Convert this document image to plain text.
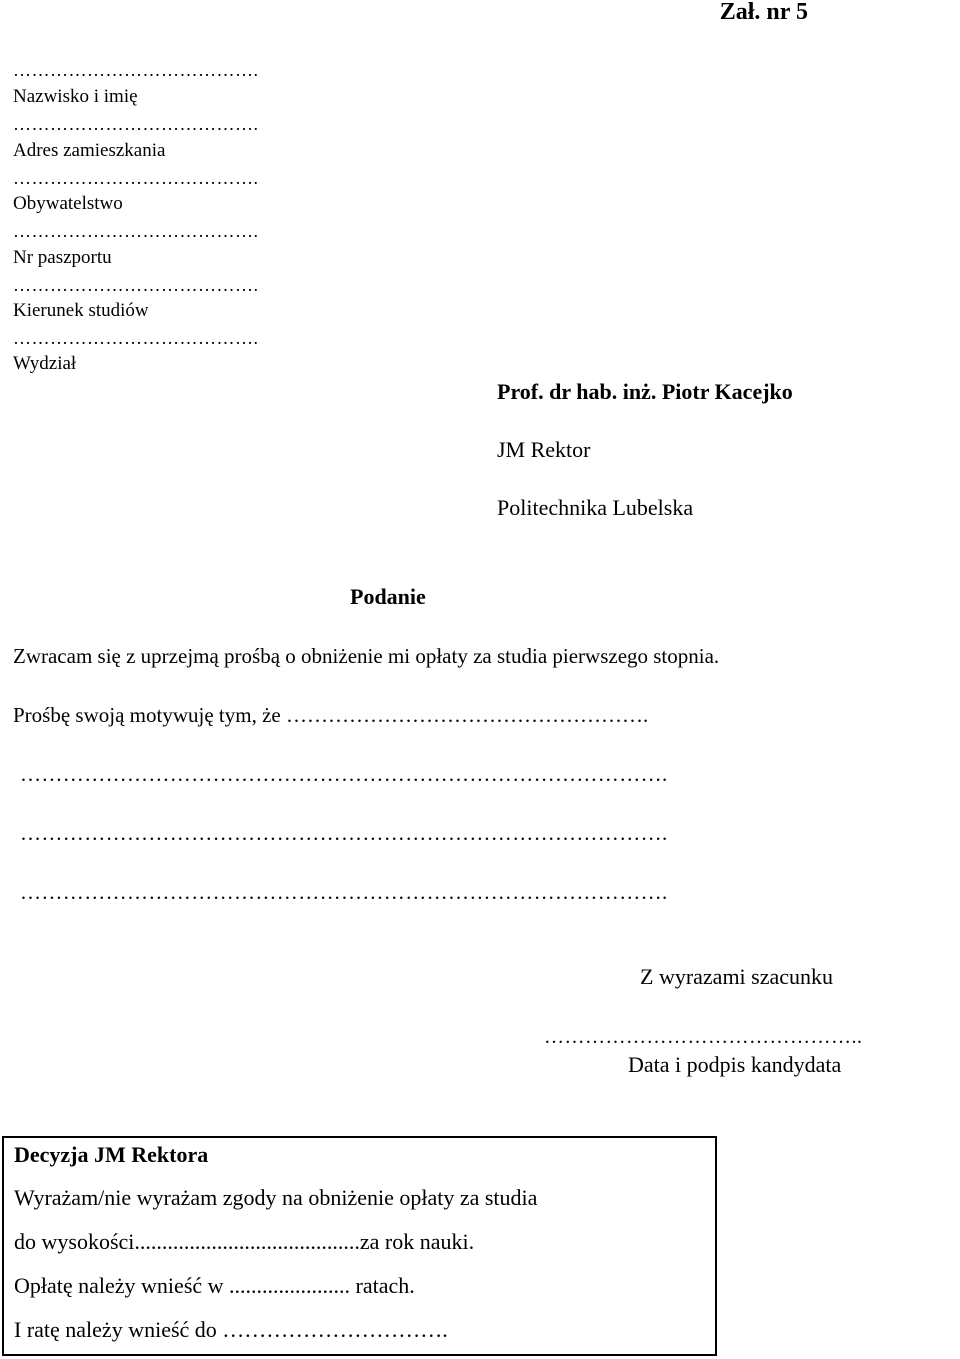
Zał. nr 5
………………………………….
Nazwisko i imię
………………………………….
Adres zamieszkania
………………………………….
Obywatelstwo
………………………………….
Nr paszportu
………………………………….
Kierunek studiów
………………………………….
Wydział
Prof. dr hab. inż. Piotr Kacejko
JM Rektor
Politechnika Lubelska
Podanie
Zwracam się z uprzejmą prośbą o obniżenie mi opłaty za studia pierwszego stopnia.
Prośbę swoją motywuję tym, że …………………………………………….
……………………………………………………………………………….
……………………………………………………………………………….
……………………………………………………………………………….
Z wyrazami szacunku
………………………………………..
Data i podpis kandydata
Decyzja JM Rektora
Wyrażam/nie wyrażam zgody na obniżenie opłaty za studia
do wysokości.........................................za rok nauki.
Opłatę należy wnieść w ...................... ratach.
I ratę należy wnieść do ………………………….
